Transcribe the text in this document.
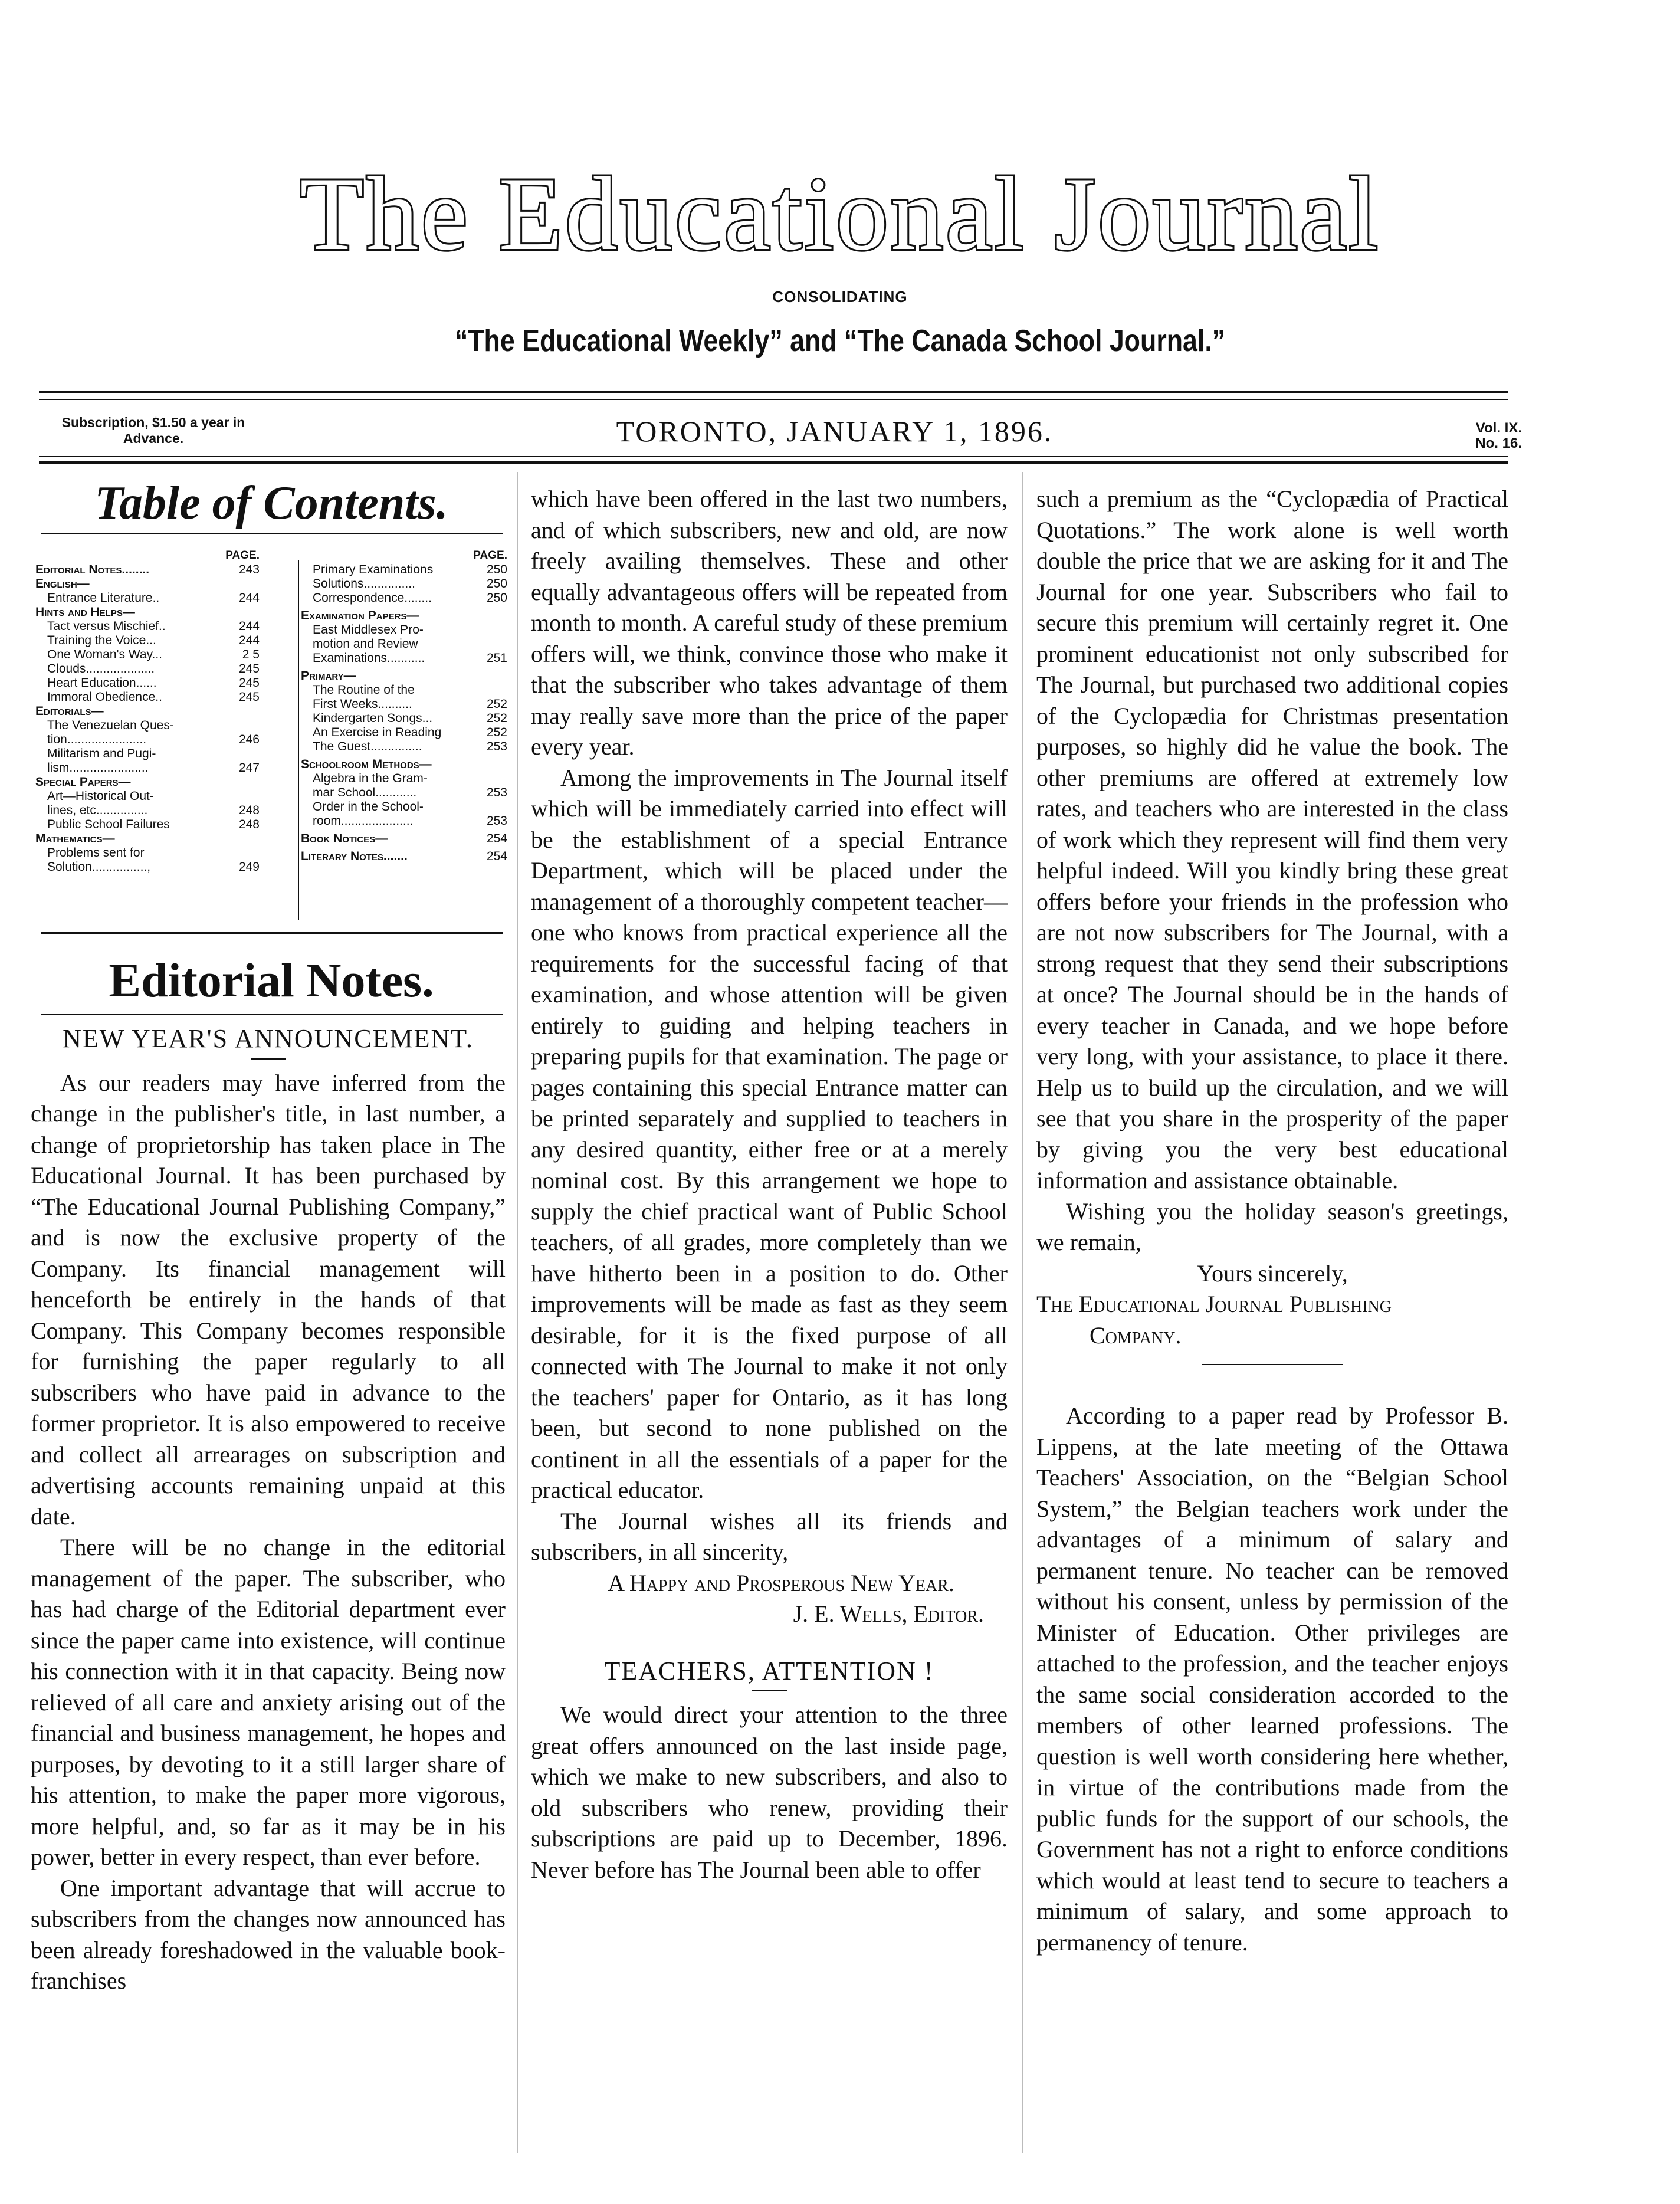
The Educational Journal
CONSOLIDATING
“The Educational Weekly” and “The Canada School Journal.”
Subscription, $1.50 a year in Advance.	TORONTO, JANUARY 1, 1896.	Vol. IX.
No. 16.
Table of Contents.
PAGE.
Editorial Notes........	243
English—
Entrance Literature..	244
Hints and Helps—
Tact versus Mischief..	244
Training the Voice...	244
One Woman's Way...	2 5
Clouds....................	245
Heart Education......	245
Immoral Obedience..	245
Editorials—
The Venezuelan Ques-
tion.......................	246
Militarism and Pugi-
lism.......................	247
Special Papers—
Art—Historical Out-
lines, etc...............	248
Public School Failures	248
Mathematics—
Problems sent for
Solution................,	249
PAGE.
Primary Examinations	250
Solutions...............	250
Correspondence........	250
Examination Papers—
East Middlesex Pro-
motion and Review
Examinations...........	251
Primary—
The Routine of the
First Weeks..........	252
Kindergarten Songs...	252
An Exercise in Reading	252
The Guest...............	253
Schoolroom Methods—
Algebra in the Gram-
mar School............	253
Order in the School-
room.....................	253
Book Notices—	254
Literary Notes.......	254
Editorial Notes.
NEW YEAR'S ANNOUNCEMENT.

As our readers may have inferred from the change in the publisher's title, in last number, a change of proprietorship has taken place in The Educational Journal. It has been purchased by “The Educational Journal Publishing Company,” and is now the exclusive property of the Company. Its financial management will henceforth be entirely in the hands of that Company. This Company becomes responsible for furnishing the paper regularly to all subscribers who have paid in advance to the former proprietor. It is also empowered to receive and collect all arrearages on subscription and advertising accounts remaining unpaid at this date.

There will be no change in the editorial management of the paper. The subscriber, who has had charge of the Editorial department ever since the paper came into existence, will continue his connection with it in that capacity. Being now relieved of all care and anxiety arising out of the financial and business management, he hopes and purposes, by devoting to it a still larger share of his attention, to make the paper more vigorous, more helpful, and, so far as it may be in his power, better in every respect, than ever before.

One important advantage that will accrue to subscribers from the changes now announced has been already foreshadowed in the valuable book-franchises

which have been offered in the last two numbers, and of which subscribers, new and old, are now freely availing themselves. These and other equally advantageous offers will be repeated from month to month. A careful study of these premium offers will, we think, convince those who make it that the subscriber who takes advantage of them may really save more than the price of the paper every year.

Among the improvements in The Journal itself which will be immediately carried into effect will be the establishment of a special Entrance Department, which will be placed under the management of a thoroughly competent teacher—one who knows from practical experience all the requirements for the successful facing of that examination, and whose attention will be given entirely to guiding and helping teachers in preparing pupils for that examination. The page or pages containing this special Entrance matter can be printed separately and supplied to teachers in any desired quantity, either free or at a merely nominal cost. By this arrangement we hope to supply the chief practical want of Public School teachers, of all grades, more completely than we have hitherto been in a position to do. Other improvements will be made as fast as they seem desirable, for it is the fixed purpose of all connected with The Journal to make it not only the teachers' paper for Ontario, as it has long been, but second to none published on the continent in all the essentials of a paper for the practical educator.

The Journal wishes all its friends and subscribers, in all sincerity,

A Happy and Prosperous New Year.
J. E. Wells, Editor.
TEACHERS, ATTENTION !

We would direct your attention to the three great offers announced on the last inside page, which we make to new subscribers, and also to old subscribers who renew, providing their subscriptions are paid up to December, 1896. Never before has The Journal been able to offer

such a premium as the “Cyclopædia of Practical Quotations.” The work alone is well worth double the price that we are asking for it and The Journal for one year. Subscribers who fail to secure this premium will certainly regret it. One prominent educationist not only subscribed for The Journal, but purchased two additional copies of the Cyclopædia for Christmas presentation purposes, so highly did he value the book. The other premiums are offered at extremely low rates, and teachers who are interested in the class of work which they represent will find them very helpful indeed. Will you kindly bring these great offers before your friends in the profession who are not now subscribers for The Journal, with a strong request that they send their subscriptions at once? The Journal should be in the hands of every teacher in Canada, and we hope before very long, with your assistance, to place it there. Help us to build up the circulation, and we will see that you share in the prosperity of the paper by giving you the very best educational information and assistance obtainable.

Wishing you the holiday season's greetings, we remain,

Yours sincerely,
The Educational Journal Publishing
Company.

According to a paper read by Professor B. Lippens, at the late meeting of the Ottawa Teachers' Association, on the “Belgian School System,” the Belgian teachers work under the advantages of a minimum of salary and permanent tenure. No teacher can be removed without his consent, unless by permission of the Minister of Education. Other privileges are attached to the profession, and the teacher enjoys the same social consideration accorded to the members of other learned professions. The question is well worth considering here whether, in virtue of the contributions made from the public funds for the support of our schools, the Government has not a right to enforce conditions which would at least tend to secure to teachers a minimum of salary, and some approach to permanency of tenure.
